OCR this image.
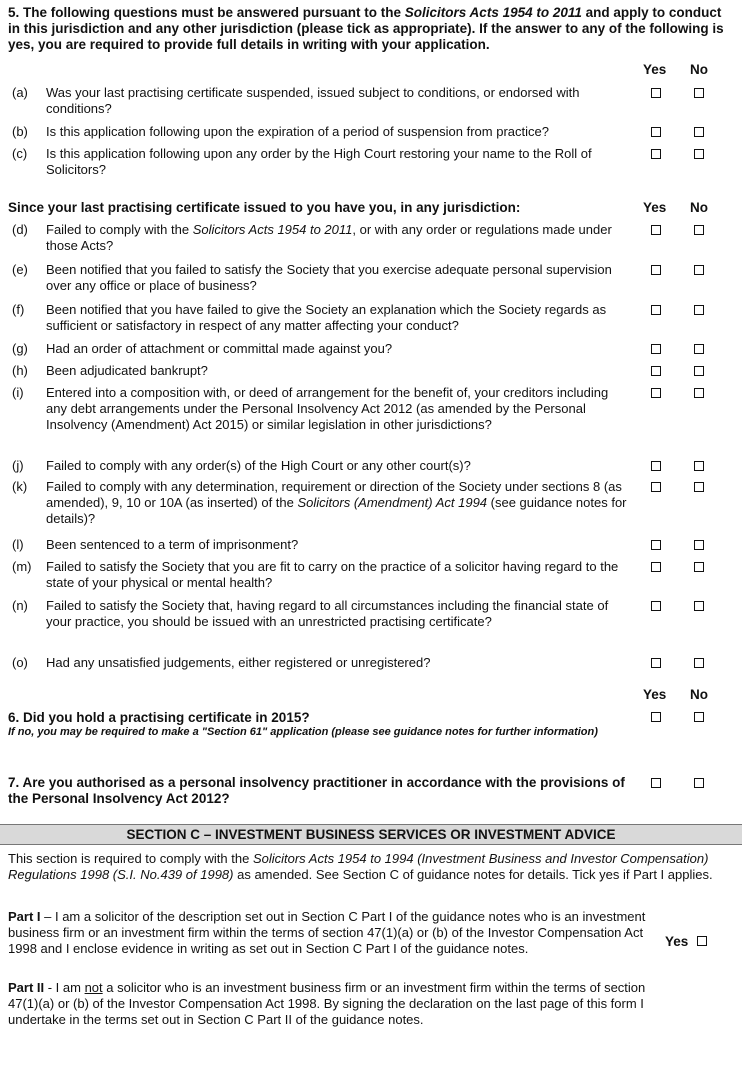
5. The following questions must be answered pursuant to the Solicitors Acts 1954 to 2011 and apply to conduct in this jurisdiction and any other jurisdiction (please tick as appropriate). If the answer to any of the following is yes, you are required to provide full details in writing with your application.
Yes No
(a)	Was your last practising certificate suspended, issued subject to conditions, or endorsed with conditions?
(b)	Is this application following upon the expiration of a period of suspension from practice?
(c)	Is this application following upon any order by the High Court restoring your name to the Roll of Solicitors?
Since your last practising certificate issued to you have you, in any jurisdiction:	Yes No
(d)	Failed to comply with the Solicitors Acts 1954 to 2011, or with any order or regulations made under those Acts?
(e)	Been notified that you failed to satisfy the Society that you exercise adequate personal supervision over any office or place of business?
(f)	Been notified that you have failed to give the Society an explanation which the Society regards as sufficient or satisfactory in respect of any matter affecting your conduct?
(g)	Had an order of attachment or committal made against you?
(h)	Been adjudicated bankrupt?
(i)	Entered into a composition with, or deed of arrangement for the benefit of, your creditors including any debt arrangements under the Personal Insolvency Act 2012 (as amended by the Personal Insolvency (Amendment) Act 2015) or similar legislation in other jurisdictions?
(j)	Failed to comply with any order(s) of the High Court or any other court(s)?
(k)	Failed to comply with any determination, requirement or direction of the Society under sections 8 (as amended), 9, 10 or 10A (as inserted) of the Solicitors (Amendment) Act 1994 (see guidance notes for details)?
(l)	Been sentenced to a term of imprisonment?
(m)	Failed to satisfy the Society that you are fit to carry on the practice of a solicitor having regard to the state of your physical or mental health?
(n)	Failed to satisfy the Society that, having regard to all circumstances including the financial state of your practice, you should be issued with an unrestricted practising certificate?
(o)	Had any unsatisfied judgements, either registered or unregistered?
Yes No
6. Did you hold a practising certificate in 2015?
If no, you may be required to make a "Section 61" application (please see guidance notes for further information)
7. Are you authorised as a personal insolvency practitioner in accordance with the provisions of the Personal Insolvency Act 2012?
SECTION C – INVESTMENT BUSINESS SERVICES OR INVESTMENT ADVICE
This section is required to comply with the Solicitors Acts 1954 to 1994 (Investment Business and Investor Compensation) Regulations 1998 (S.I. No.439 of 1998) as amended. See Section C of guidance notes for details. Tick yes if Part I applies.
Part I – I am a solicitor of the description set out in Section C Part I of the guidance notes who is an investment business firm or an investment firm within the terms of section 47(1)(a) or (b) of the Investor Compensation Act 1998 and I enclose evidence in writing as set out in Section C Part I of the guidance notes.	Yes
Part II - I am not a solicitor who is an investment business firm or an investment firm within the terms of section 47(1)(a) or (b) of the Investor Compensation Act 1998. By signing the declaration on the last page of this form I undertake in the terms set out in Section C Part II of the guidance notes.
